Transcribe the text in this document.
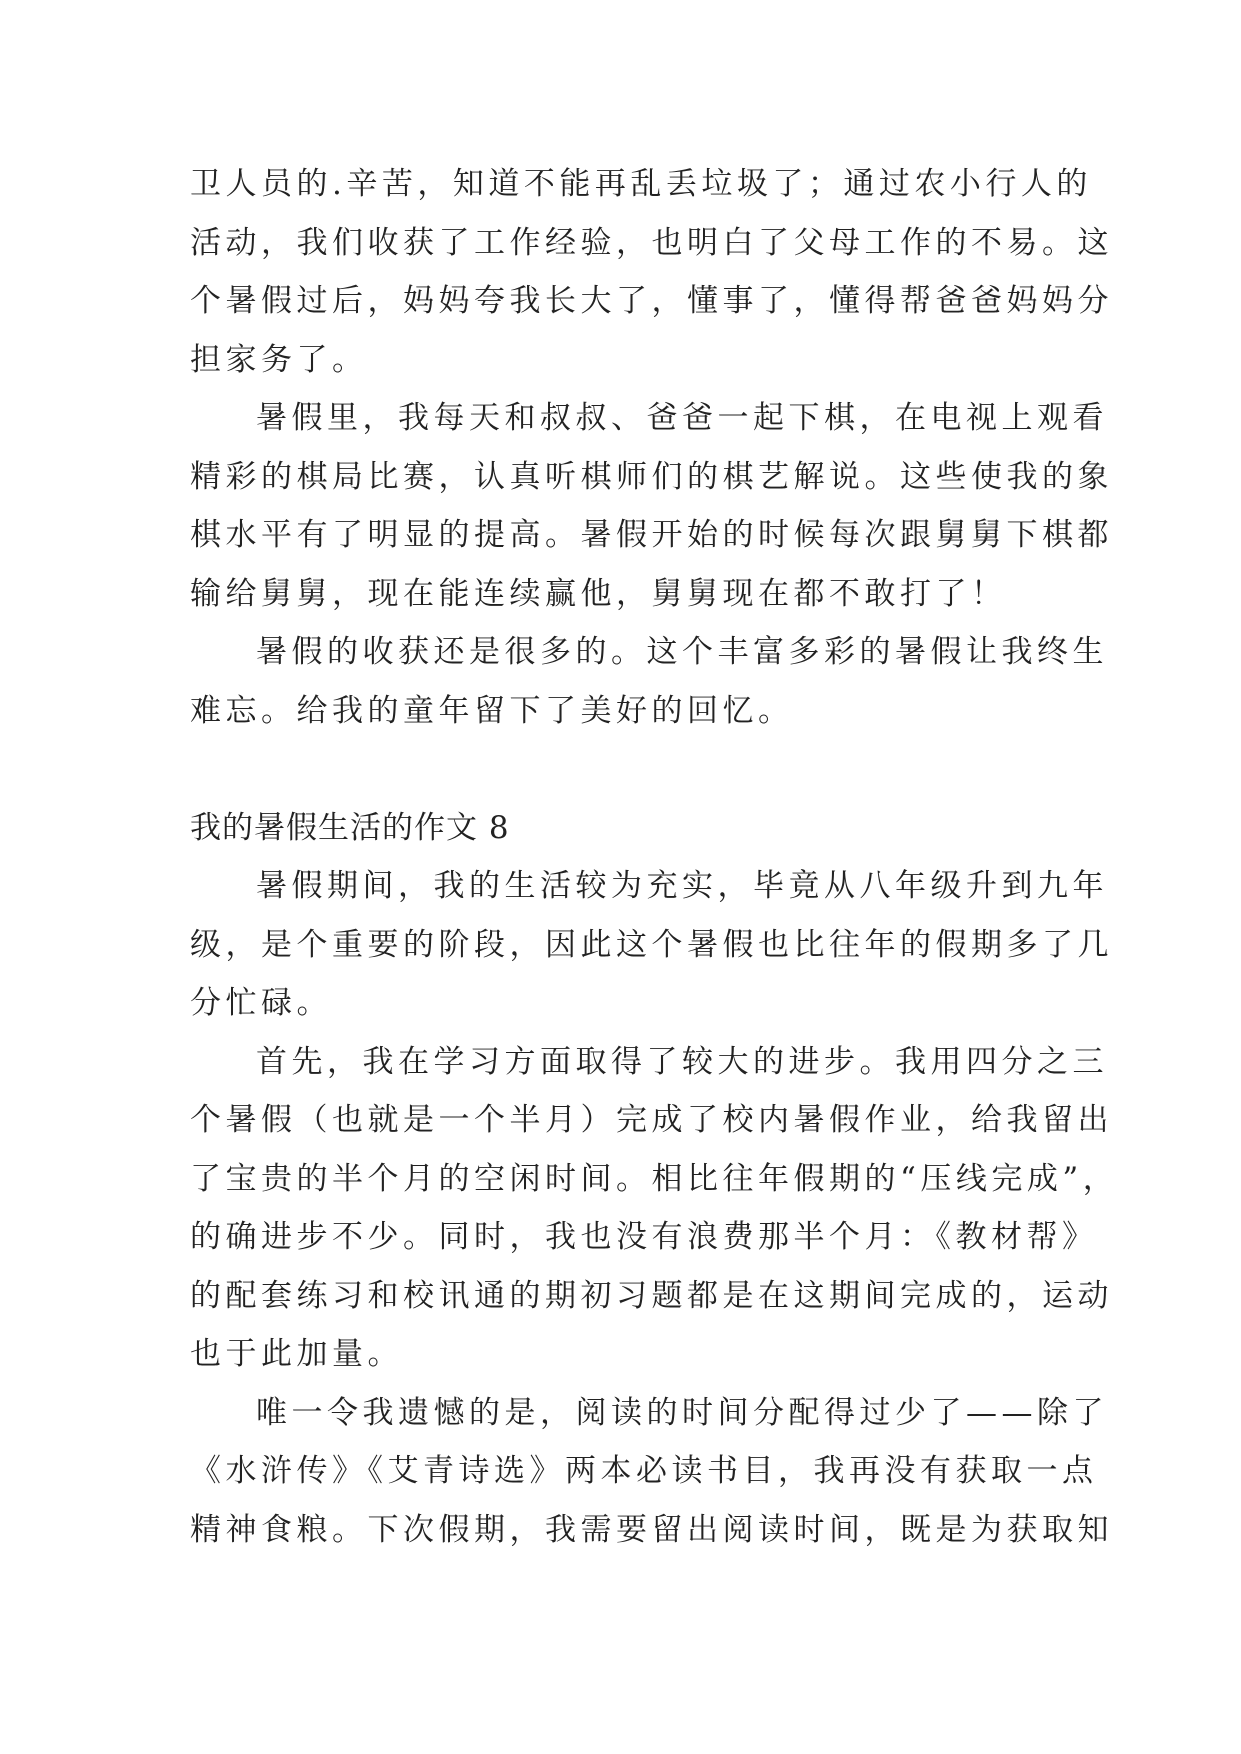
卫人员的.辛苦，知道不能再乱丢垃圾了；通过农小行人的
活动，我们收获了工作经验，也明白了父母工作的不易。这
个暑假过后，妈妈夸我长大了，懂事了，懂得帮爸爸妈妈分
担家务了。
暑假里，我每天和叔叔、爸爸一起下棋，在电视上观看
精彩的棋局比赛，认真听棋师们的棋艺解说。这些使我的象
棋水平有了明显的提高。暑假开始的时候每次跟舅舅下棋都
输给舅舅，现在能连续赢他，舅舅现在都不敢打了！
暑假的收获还是很多的。这个丰富多彩的暑假让我终生
难忘。给我的童年留下了美好的回忆。
我的暑假生活的作文 8
暑假期间，我的生活较为充实，毕竟从八年级升到九年
级，是个重要的阶段，因此这个暑假也比往年的假期多了几
分忙碌。
首先，我在学习方面取得了较大的进步。我用四分之三
个暑假（也就是一个半月）完成了校内暑假作业，给我留出
了宝贵的半个月的空闲时间。相比往年假期的“压线完成”，
的确进步不少。同时，我也没有浪费那半个月：《教材帮》
的配套练习和校讯通的期初习题都是在这期间完成的，运动
也于此加量。
唯一令我遗憾的是，阅读的时间分配得过少了——除了
《水浒传》《艾青诗选》两本必读书目，我再没有获取一点
精神食粮。下次假期，我需要留出阅读时间，既是为获取知
